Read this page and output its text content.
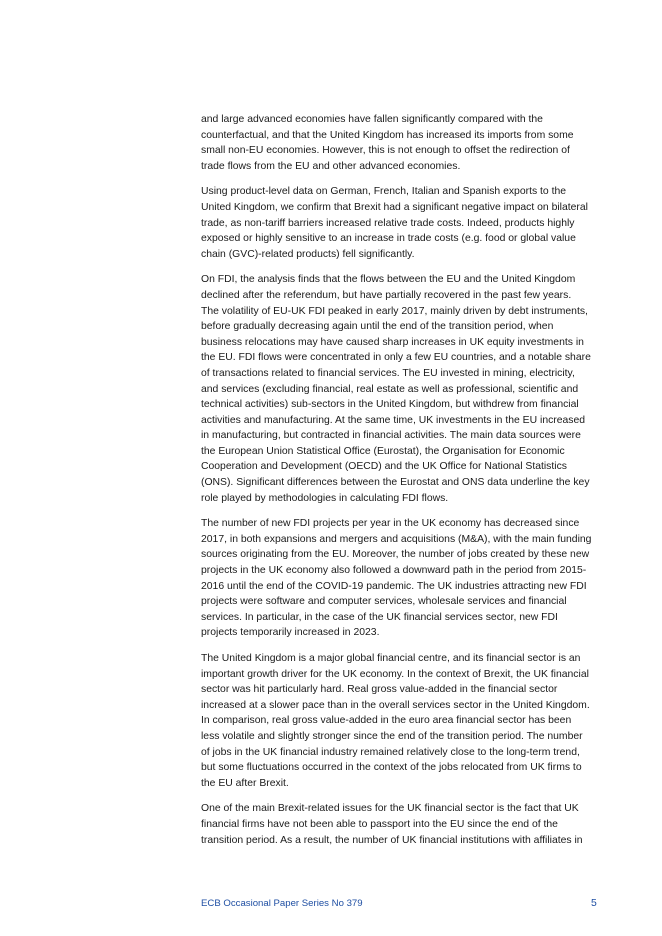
and large advanced economies have fallen significantly compared with the
counterfactual, and that the United Kingdom has increased its imports from some
small non-EU economies. However, this is not enough to offset the redirection of
trade flows from the EU and other advanced economies.

Using product-level data on German, French, Italian and Spanish exports to the
United Kingdom, we confirm that Brexit had a significant negative impact on bilateral
trade, as non-tariff barriers increased relative trade costs. Indeed, products highly
exposed or highly sensitive to an increase in trade costs (e.g. food or global value
chain (GVC)-related products) fell significantly.

On FDI, the analysis finds that the flows between the EU and the United Kingdom
declined after the referendum, but have partially recovered in the past few years.
The volatility of EU-UK FDI peaked in early 2017, mainly driven by debt instruments,
before gradually decreasing again until the end of the transition period, when
business relocations may have caused sharp increases in UK equity investments in
the EU. FDI flows were concentrated in only a few EU countries, and a notable share
of transactions related to financial services. The EU invested in mining, electricity,
and services (excluding financial, real estate as well as professional, scientific and
technical activities) sub-sectors in the United Kingdom, but withdrew from financial
activities and manufacturing. At the same time, UK investments in the EU increased
in manufacturing, but contracted in financial activities. The main data sources were
the European Union Statistical Office (Eurostat), the Organisation for Economic
Cooperation and Development (OECD) and the UK Office for National Statistics
(ONS). Significant differences between the Eurostat and ONS data underline the key
role played by methodologies in calculating FDI flows.

The number of new FDI projects per year in the UK economy has decreased since
2017, in both expansions and mergers and acquisitions (M&A), with the main funding
sources originating from the EU. Moreover, the number of jobs created by these new
projects in the UK economy also followed a downward path in the period from 2015-
2016 until the end of the COVID-19 pandemic. The UK industries attracting new FDI
projects were software and computer services, wholesale services and financial
services. In particular, in the case of the UK financial services sector, new FDI
projects temporarily increased in 2023.

The United Kingdom is a major global financial centre, and its financial sector is an
important growth driver for the UK economy. In the context of Brexit, the UK financial
sector was hit particularly hard. Real gross value-added in the financial sector
increased at a slower pace than in the overall services sector in the United Kingdom.
In comparison, real gross value-added in the euro area financial sector has been
less volatile and slightly stronger since the end of the transition period. The number
of jobs in the UK financial industry remained relatively close to the long-term trend,
but some fluctuations occurred in the context of the jobs relocated from UK firms to
the EU after Brexit.

One of the main Brexit-related issues for the UK financial sector is the fact that UK
financial firms have not been able to passport into the EU since the end of the
transition period. As a result, the number of UK financial institutions with affiliates in

ECB Occasional Paper Series No 379	5
